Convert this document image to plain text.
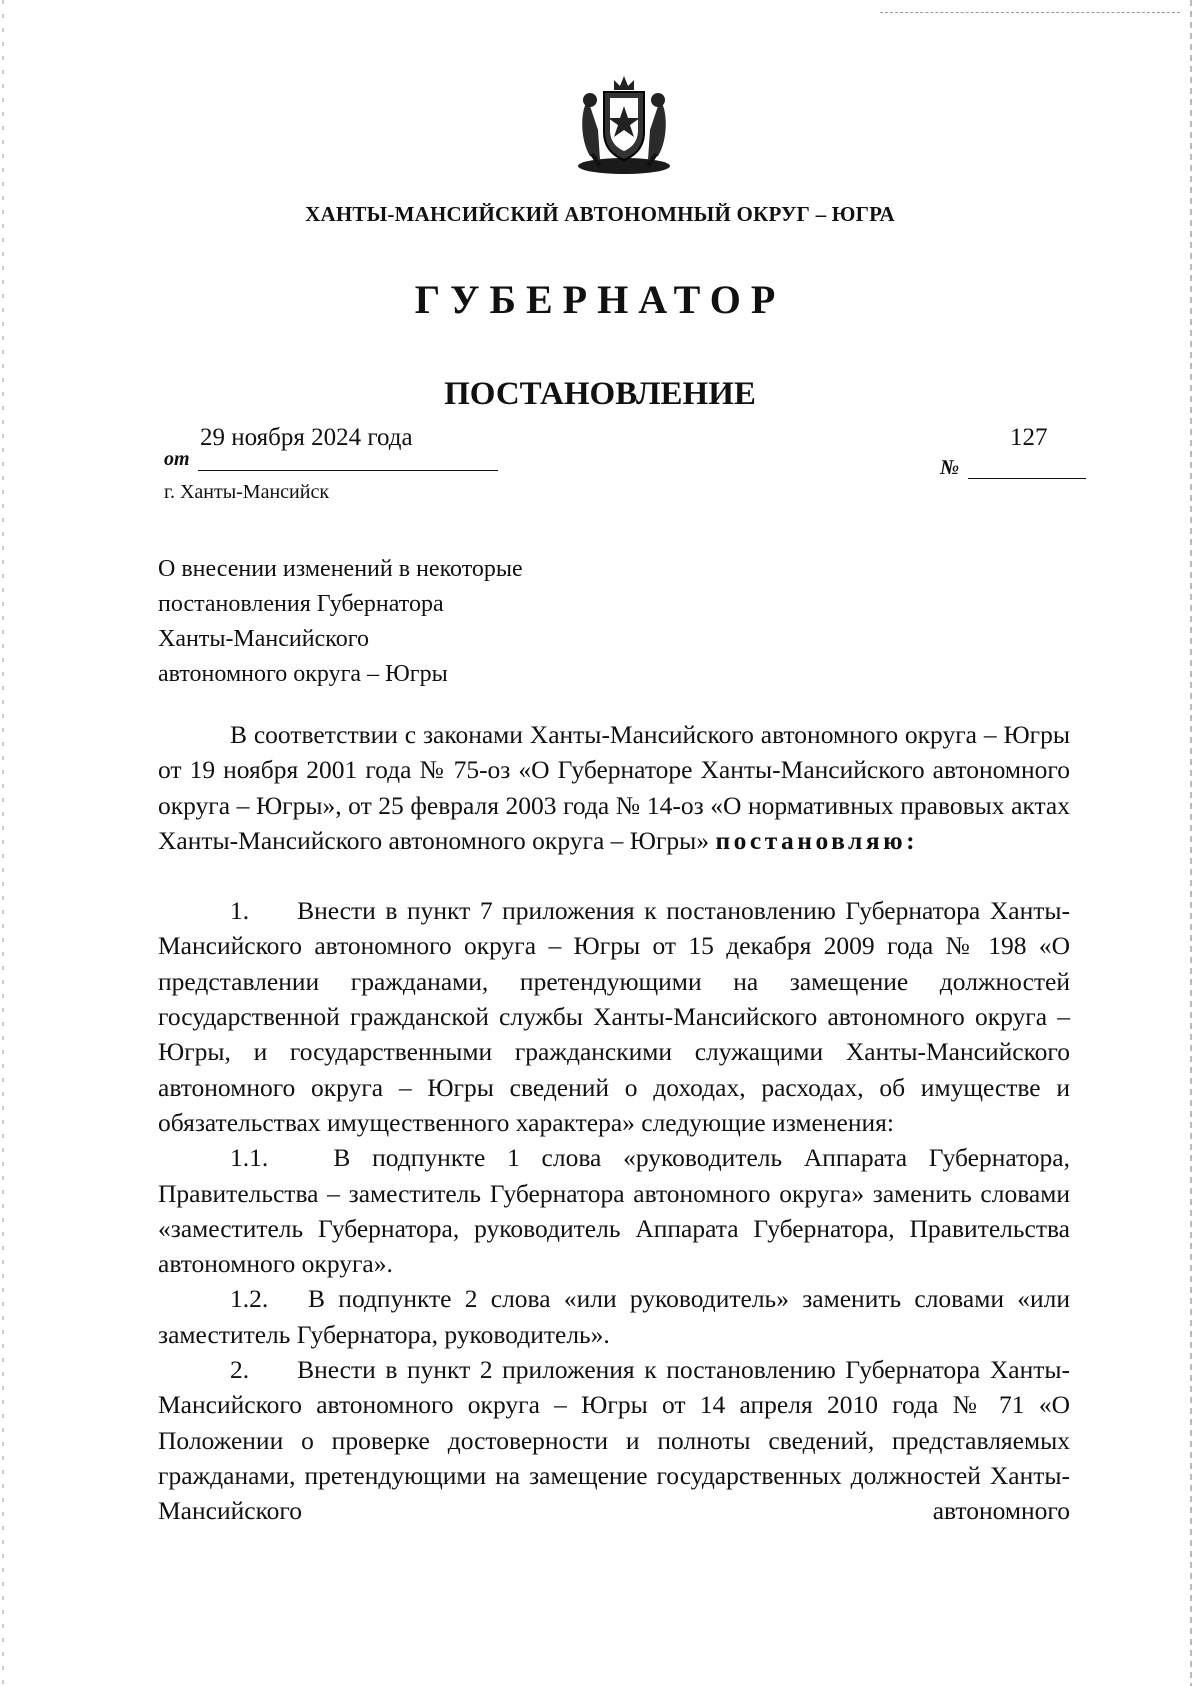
ХАНТЫ-МАНСИЙСКИЙ АВТОНОМНЫЙ ОКРУГ – ЮГРА
ГУБЕРНАТОР
ПОСТАНОВЛЕНИЕ
от
29 ноября 2024 года
№
127
г. Ханты-Мансийск
О внесении изменений в некоторые
постановления Губернатора
Ханты-Мансийского
автономного округа – Югры

В соответствии с законами Ханты-Мансийского автономного округа – Югры от 19 ноября 2001 года № 75-оз «О Губернаторе Ханты-Мансийского автономного округа – Югры», от 25 февраля 2003 года № 14-оз «О нормативных правовых актах Ханты-Мансийского автономного округа – Югры» постановляю:

1.     Внести в пункт 7 приложения к постановлению Губернатора Ханты-Мансийского автономного округа – Югры от 15 декабря 2009 года № 198 «О представлении гражданами, претендующими на замещение должностей государственной гражданской службы Ханты-Мансийского автономного округа – Югры, и государственными гражданскими служащими Ханты-Мансийского автономного округа – Югры сведений о доходах, расходах, об имуществе и обязательствах имущественного характера» следующие изменения:

1.1.   В подпункте 1 слова «руководитель Аппарата Губернатора, Правительства – заместитель Губернатора автономного округа» заменить словами «заместитель Губернатора, руководитель Аппарата Губернатора, Правительства автономного округа».

1.2.   В подпункте 2 слова «или руководитель» заменить словами «или заместитель Губернатора, руководитель».

2.     Внести в пункт 2 приложения к постановлению Губернатора Ханты-Мансийского автономного округа – Югры от 14 апреля 2010 года № 71 «О Положении о проверке достоверности и полноты сведений, представляемых гражданами, претендующими на замещение государственных должностей Ханты-Мансийского автономного
